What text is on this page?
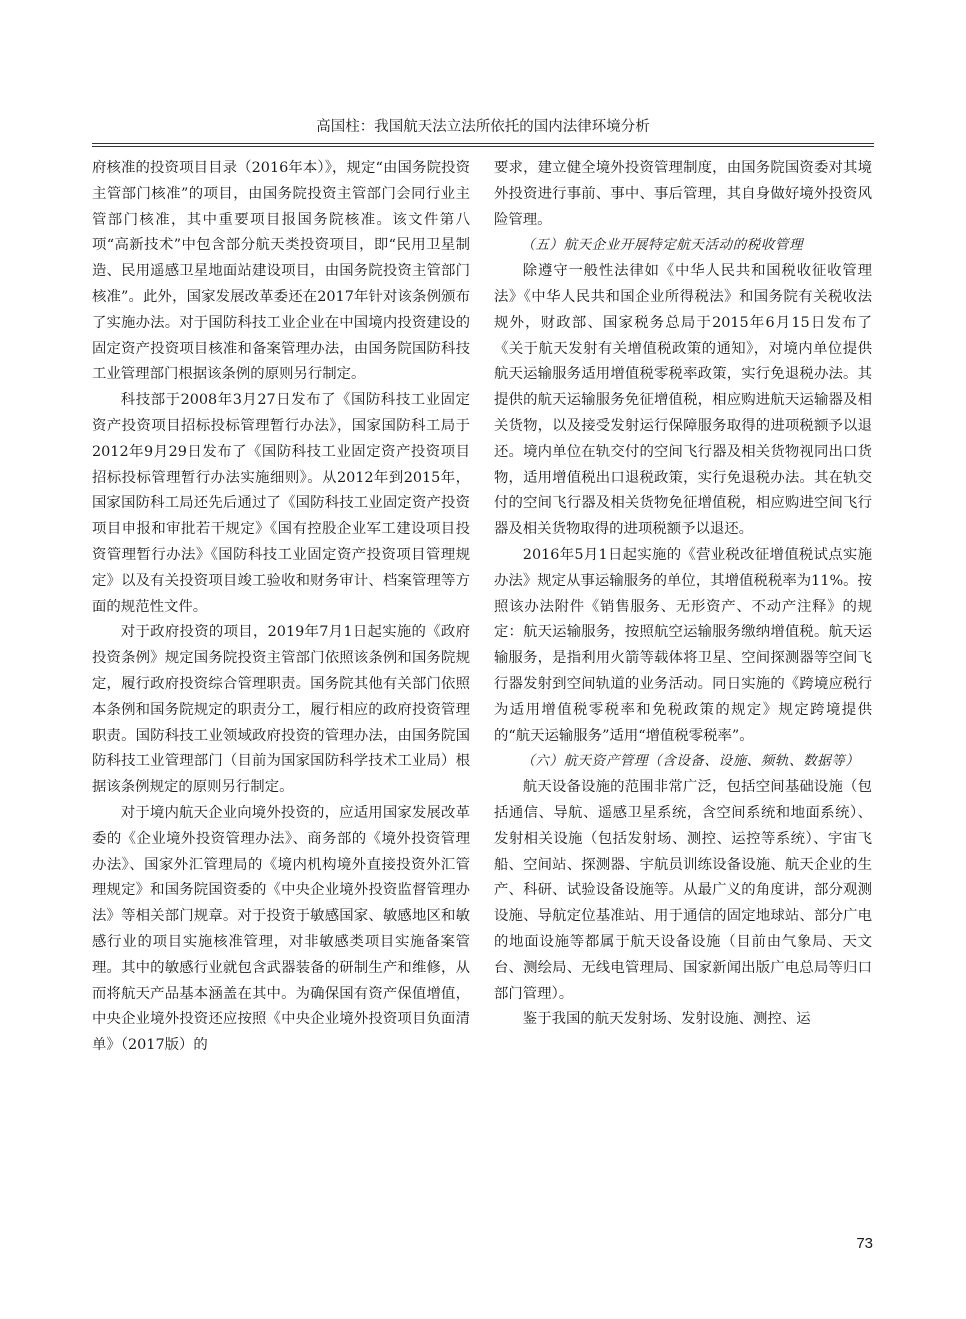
高国柱：我国航天法立法所依托的国内法律环境分析

府核准的投资项目目录（2016年本）》，规定“由国务院投资主管部门核准”的项目，由国务院投资主管部门会同行业主管部门核准，其中重要项目报国务院核准。该文件第八项“高新技术”中包含部分航天类投资项目，即“民用卫星制造、民用遥感卫星地面站建设项目，由国务院投资主管部门核准”。此外，国家发展改革委还在2017年针对该条例颁布了实施办法。对于国防科技工业企业在中国境内投资建设的固定资产投资项目核准和备案管理办法，由国务院国防科技工业管理部门根据该条例的原则另行制定。

科技部于2008年3月27日发布了《国防科技工业固定资产投资项目招标投标管理暂行办法》，国家国防科工局于2012年9月29日发布了《国防科技工业固定资产投资项目招标投标管理暂行办法实施细则》。从2012年到2015年，国家国防科工局还先后通过了《国防科技工业固定资产投资项目申报和审批若干规定》《国有控股企业军工建设项目投资管理暂行办法》《国防科技工业固定资产投资项目管理规定》以及有关投资项目竣工验收和财务审计、档案管理等方面的规范性文件。

对于政府投资的项目，2019年7月1日起实施的《政府投资条例》规定国务院投资主管部门依照该条例和国务院规定，履行政府投资综合管理职责。国务院其他有关部门依照本条例和国务院规定的职责分工，履行相应的政府投资管理职责。国防科技工业领域政府投资的管理办法，由国务院国防科技工业管理部门（目前为国家国防科学技术工业局）根据该条例规定的原则另行制定。

对于境内航天企业向境外投资的，应适用国家发展改革委的《企业境外投资管理办法》、商务部的《境外投资管理办法》、国家外汇管理局的《境内机构境外直接投资外汇管理规定》和国务院国资委的《中央企业境外投资监督管理办法》等相关部门规章。对于投资于敏感国家、敏感地区和敏感行业的项目实施核准管理，对非敏感类项目实施备案管理。其中的敏感行业就包含武器装备的研制生产和维修，从而将航天产品基本涵盖在其中。为确保国有资产保值增值，中央企业境外投资还应按照《中央企业境外投资项目负面清单》（2017版）的

要求，建立健全境外投资管理制度，由国务院国资委对其境外投资进行事前、事中、事后管理，其自身做好境外投资风险管理。

（五）航天企业开展特定航天活动的税收管理

除遵守一般性法律如《中华人民共和国税收征收管理法》《中华人民共和国企业所得税法》和国务院有关税收法规外，财政部、国家税务总局于2015年6月15日发布了《关于航天发射有关增值税政策的通知》，对境内单位提供航天运输服务适用增值税零税率政策，实行免退税办法。其提供的航天运输服务免征增值税，相应购进航天运输器及相关货物，以及接受发射运行保障服务取得的进项税额予以退还。境内单位在轨交付的空间飞行器及相关货物视同出口货物，适用增值税出口退税政策，实行免退税办法。其在轨交付的空间飞行器及相关货物免征增值税，相应购进空间飞行器及相关货物取得的进项税额予以退还。

2016年5月1日起实施的《营业税改征增值税试点实施办法》规定从事运输服务的单位，其增值税税率为11%。按照该办法附件《销售服务、无形资产、不动产注释》的规定：航天运输服务，按照航空运输服务缴纳增值税。航天运输服务，是指利用火箭等载体将卫星、空间探测器等空间飞行器发射到空间轨道的业务活动。同日实施的《跨境应税行为适用增值税零税率和免税政策的规定》规定跨境提供的“航天运输服务”适用“增值税零税率”。

（六）航天资产管理（含设备、设施、频轨、数据等）

航天设备设施的范围非常广泛，包括空间基础设施（包括通信、导航、遥感卫星系统，含空间系统和地面系统）、发射相关设施（包括发射场、测控、运控等系统）、宇宙飞船、空间站、探测器、宇航员训练设备设施、航天企业的生产、科研、试验设备设施等。从最广义的角度讲，部分观测设施、导航定位基准站、用于通信的固定地球站、部分广电的地面设施等都属于航天设备设施（目前由气象局、天文台、测绘局、无线电管理局、国家新闻出版广电总局等归口部门管理）。

鉴于我国的航天发射场、发射设施、测控、运

73
